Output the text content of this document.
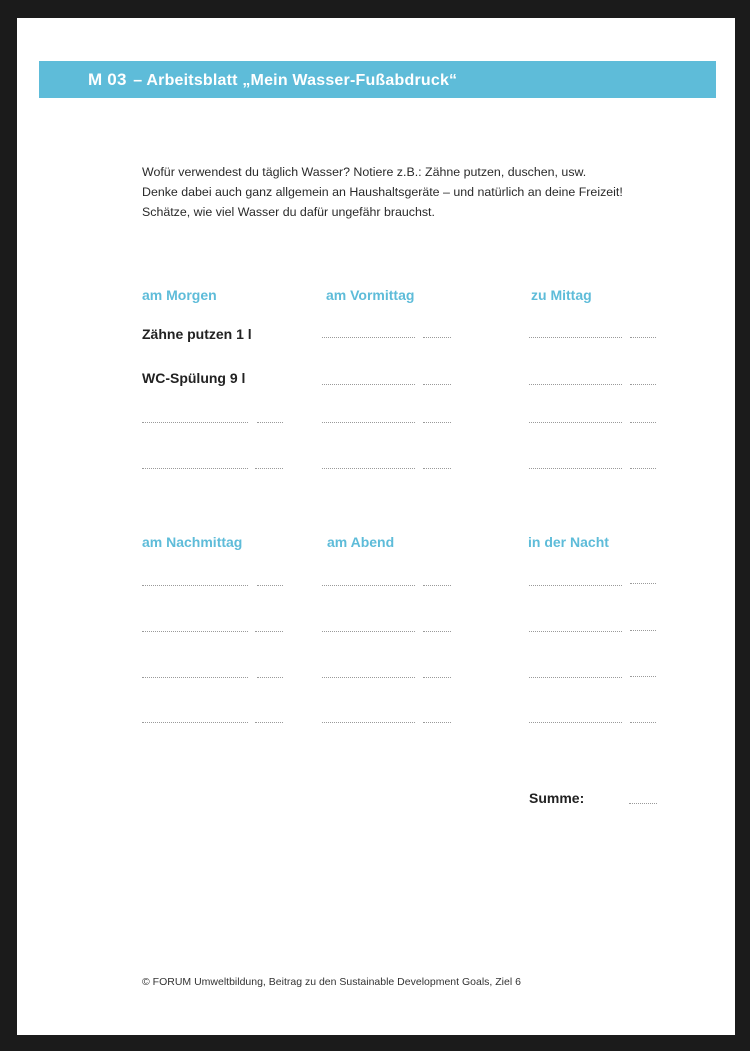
M 03 – Arbeitsblatt „Mein Wasser-Fußabdruck“
Wofür verwendest du täglich Wasser? Notiere z.B.: Zähne putzen, duschen, usw.
Denke dabei auch ganz allgemein an Haushaltsgeräte – und natürlich an deine Freizeit!
Schätze, wie viel Wasser du dafür ungefähr brauchst.
am Morgen	am Vormittag	zu Mittag
Zähne putzen 1 l
WC-Spülung 9 l
am Nachmittag	am Abend	in der Nacht
Summe:
© FORUM Umweltbildung, Beitrag zu den Sustainable Development Goals, Ziel 6
